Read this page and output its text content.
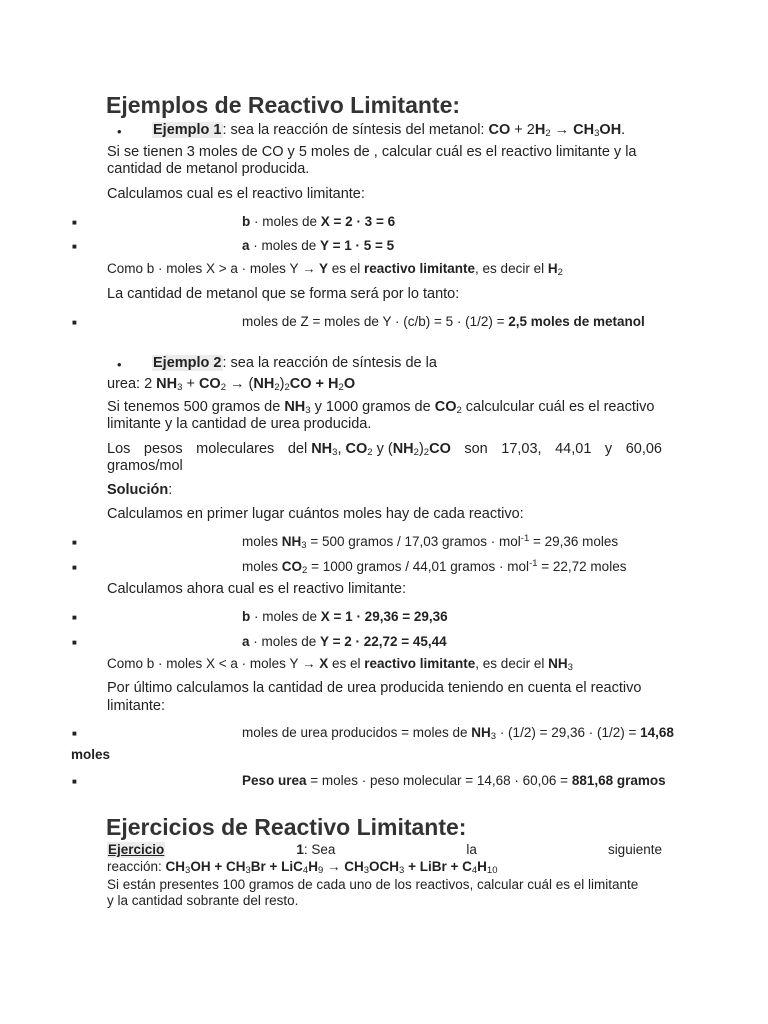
Ejemplos de Reactivo Limitante:
• Ejemplo 1: sea la reacción de síntesis del metanol: CO + $2H_2 \to CH_3OH$.
Si se tienen 3 moles de CO y 5 moles de , calcular cuál es el reactivo limitante y la
cantidad de metanol producida.
Calculamos cual es el reactivo limitante:
■	b · moles de X = 2 · 3 = 6
■	a · moles de Y = 1 · 5 = 5
Como b · moles X > a · moles Y → Y es el reactivo limitante, es decir el $H_2$
La cantidad de metanol que se forma será por lo tanto:
■	moles de Z = moles de Y · (c/b) = 5 · (1/2) = 2,5 moles de metanol
• Ejemplo 2: sea la reacción de síntesis de la
urea: 2 $NH_3 + CO_2 \to (NH_2)_2CO + H_2O$
Si tenemos 500 gramos de $NH_3$ y 1000 gramos de $CO_2$ calculcular cuál es el reactivo
limitante y la cantidad de urea producida.
Los pesos moleculares del $NH_3$, $CO_2$ y $(NH_2)_2CO$ son 17,03, 44,01 y 60,06
gramos/mol
Solución:
Calculamos en primer lugar cuántos moles hay de cada reactivo:
■	moles $NH_3 = 500$ gramos / 17,03 gramos · mol$^{-1}$ = 29,36 moles
■	moles $CO_2 = 1000$ gramos / 44,01 gramos · mol$^{-1}$ = 22,72 moles
Calculamos ahora cual es el reactivo limitante:
■	b · moles de X = 1 · 29,36 = 29,36
■	a · moles de Y = 2 · 22,72 = 45,44
Como b · moles X < a · moles Y → X es el reactivo limitante, es decir el $NH_3$
Por último calculamos la cantidad de urea producida teniendo en cuenta el reactivo
limitante:
■	moles de urea producidos = moles de $NH_3 \cdot (1/2) = 29,36 \cdot (1/2) = 14,68$
moles
■	Peso urea = moles · peso molecular = 14,68 · 60,06 = 881,68 gramos
Ejercicios de Reactivo Limitante:
Ejercicio	1: Sea	la	siguiente
reacción: $CH_3OH + CH_3Br + LiC_4H_9 \to CH_3OCH_3$ + LiBr + $C_4H_{10}$
Si están presentes 100 gramos de cada uno de los reactivos, calcular cuál es el limitante
y la cantidad sobrante del resto.
